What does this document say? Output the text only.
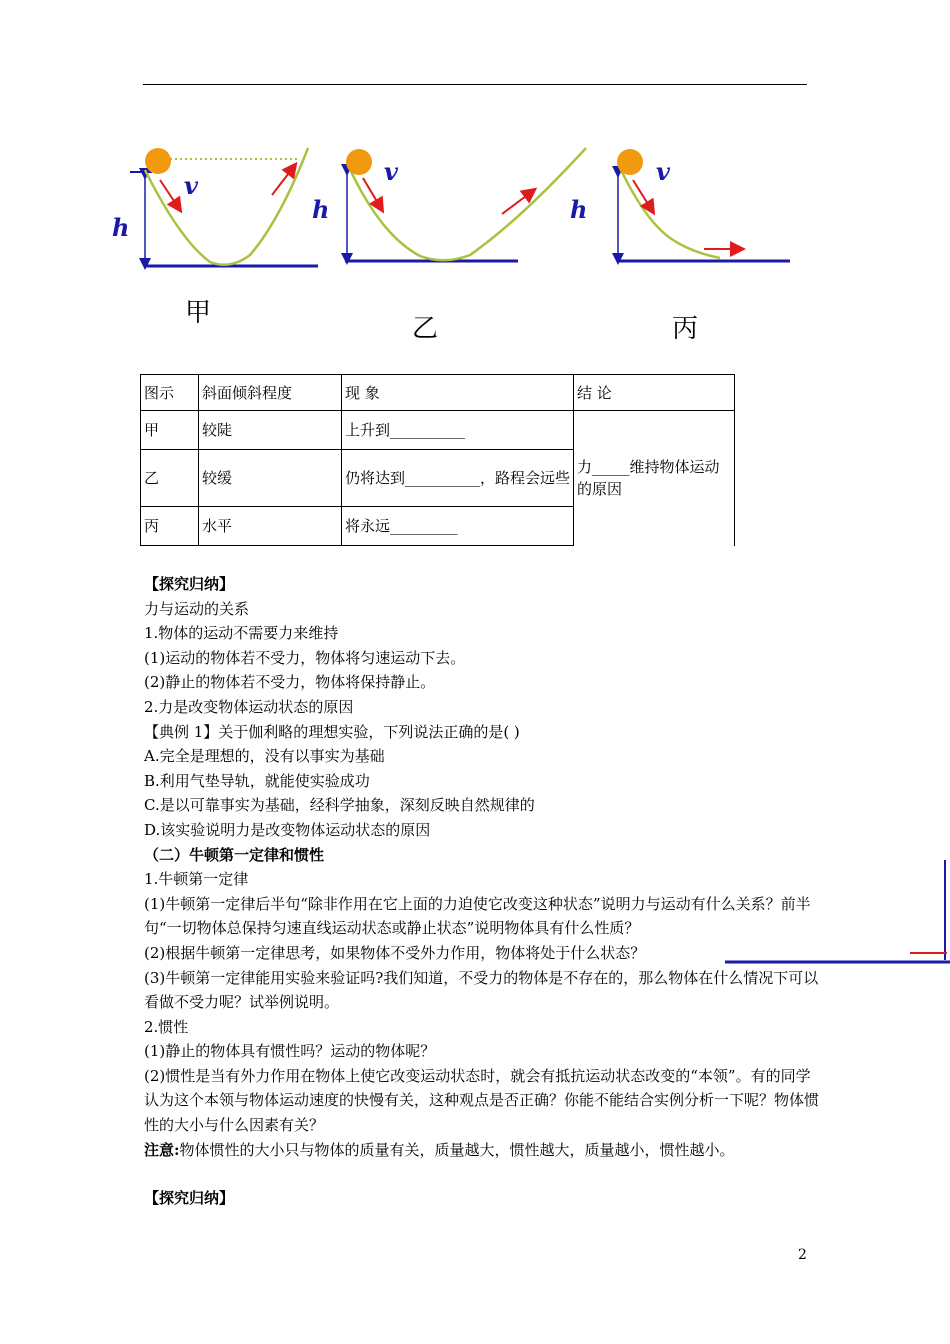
v
h
v
h
v
h
甲
乙	丙
图示	斜面倾斜程度	现 象	结 论
甲	较陡	上升到__________	力_____维持物体运动的原因
乙	较缓	仍将达到__________，路程会远些	
丙	水平	将永远_________	

【探究归纳】

力与运动的关系

1.物体的运动不需要力来维持

(1)运动的物体若不受力，物体将匀速运动下去。

(2)静止的物体若不受力，物体将保持静止。

2.力是改变物体运动状态的原因

【典例 1】关于伽利略的理想实验，下列说法正确的是( )

A.完全是理想的，没有以事实为基础

B.利用气垫导轨，就能使实验成功

C.是以可靠事实为基础，经科学抽象，深刻反映自然规律的

D.该实验说明力是改变物体运动状态的原因

（二）牛顿第一定律和惯性

1.牛顿第一定律

(1)牛顿第一定律后半句“除非作用在它上面的力迫使它改变这种状态”说明力与运动有什么关系？前半句“一切物体总保持匀速直线运动状态或静止状态”说明物体具有什么性质？

(2)根据牛顿第一定律思考，如果物体不受外力作用，物体将处于什么状态？

(3)牛顿第一定律能用实验来验证吗?我们知道，不受力的物体是不存在的，那么物体在什么情况下可以看做不受力呢？试举例说明。

2.惯性

(1)静止的物体具有惯性吗？运动的物体呢？

(2)惯性是当有外力作用在物体上使它改变运动状态时，就会有抵抗运动状态改变的“本领”。有的同学认为这个本领与物体运动速度的快慢有关，这种观点是否正确？你能不能结合实例分析一下呢？物体惯性的大小与什么因素有关？

注意:物体惯性的大小只与物体的质量有关，质量越大，惯性越大，质量越小，惯性越小。

【探究归纳】

2
